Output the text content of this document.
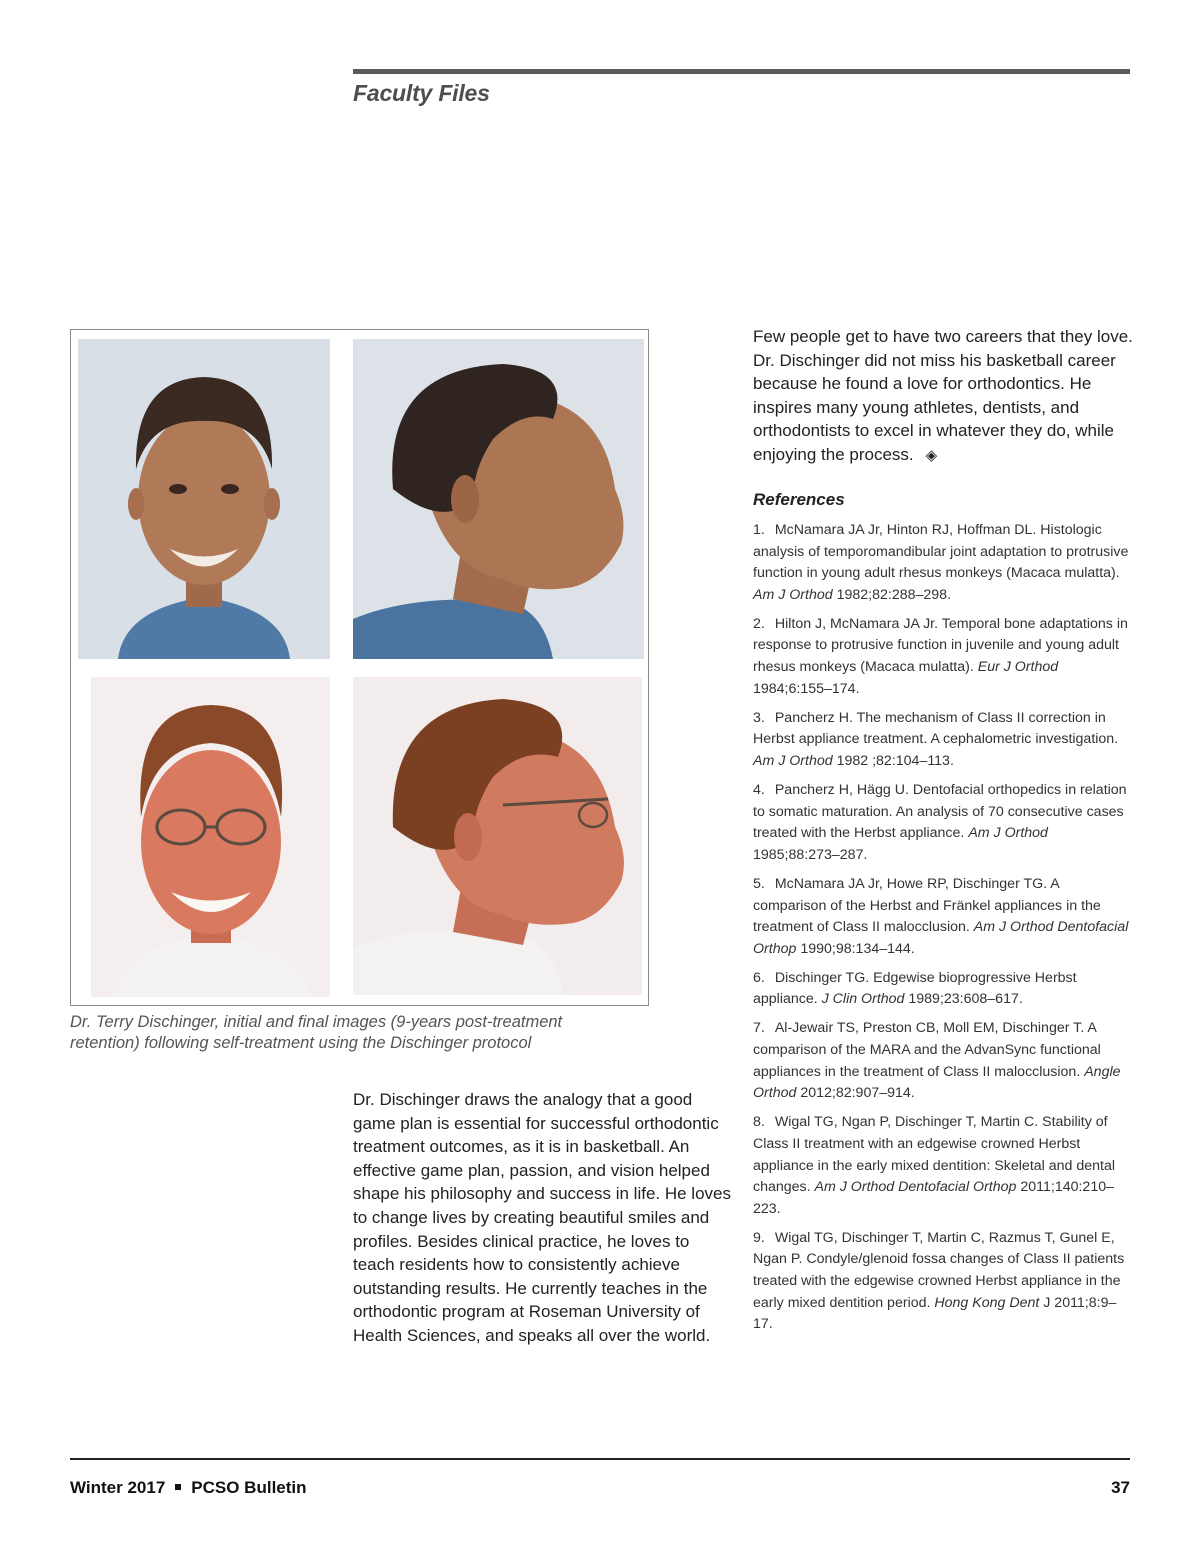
Faculty Files
Dr. Terry Dischinger, initial and final images (9-years post-treatment
retention) following self-treatment using the Dischinger protocol
Few people get to have two careers that they love. Dr. Dischinger did not miss his basketball career because he found a love for orthodontics. He inspires many young athletes, dentists, and orthodontists to excel in whatever they do, while enjoying the process. ◈
References
1. McNamara JA Jr, Hinton RJ, Hoffman DL. Histologic analysis of temporomandibular joint adaptation to protrusive function in young adult rhesus monkeys (Macaca mulatta). Am J Orthod 1982;82:288–298.
2. Hilton J, McNamara JA Jr. Temporal bone adaptations in response to protrusive function in juvenile and young adult rhesus monkeys (Macaca mulatta). Eur J Orthod 1984;6:155–174.
3. Pancherz H. The mechanism of Class II correction in Herbst appliance treatment. A cephalometric investigation. Am J Orthod 1982 ;82:104–113.
4. Pancherz H, Hägg U. Dentofacial orthopedics in relation to somatic maturation. An analysis of 70 consecutive cases treated with the Herbst appliance. Am J Orthod 1985;88:273–287.
5. McNamara JA Jr, Howe RP, Dischinger TG. A comparison of the Herbst and Fränkel appliances in the treatment of Class II malocclusion. Am J Orthod Dentofacial Orthop 1990;98:134–144.
6. Dischinger TG. Edgewise bioprogressive Herbst appliance. J Clin Orthod 1989;23:608–617.
7. Al-Jewair TS, Preston CB, Moll EM, Dischinger T. A comparison of the MARA and the AdvanSync functional appliances in the treatment of Class II malocclusion. Angle Orthod 2012;82:907–914.
8. Wigal TG, Ngan P, Dischinger T, Martin C. Stability of Class II treatment with an edgewise crowned Herbst appliance in the early mixed dentition: Skeletal and dental changes. Am J Orthod Dentofacial Orthop 2011;140:210–223.
9. Wigal TG, Dischinger T, Martin C, Razmus T, Gunel E, Ngan P. Condyle/glenoid fossa changes of Class II patients treated with the edgewise crowned Herbst appliance in the early mixed dentition period. Hong Kong Dent J 2011;8:9–17.
Dr. Dischinger draws the analogy that a good game plan is essential for successful orthodontic treatment outcomes, as it is in basketball. An effective game plan, passion, and vision helped shape his philosophy and success in life. He loves to change lives by creating beautiful smiles and profiles. Besides clinical practice, he loves to teach residents how to consistently achieve outstanding results. He currently teaches in the orthodontic program at Roseman University of Health Sciences, and speaks all over the world.
Winter 2017 PCSO Bulletin	37
